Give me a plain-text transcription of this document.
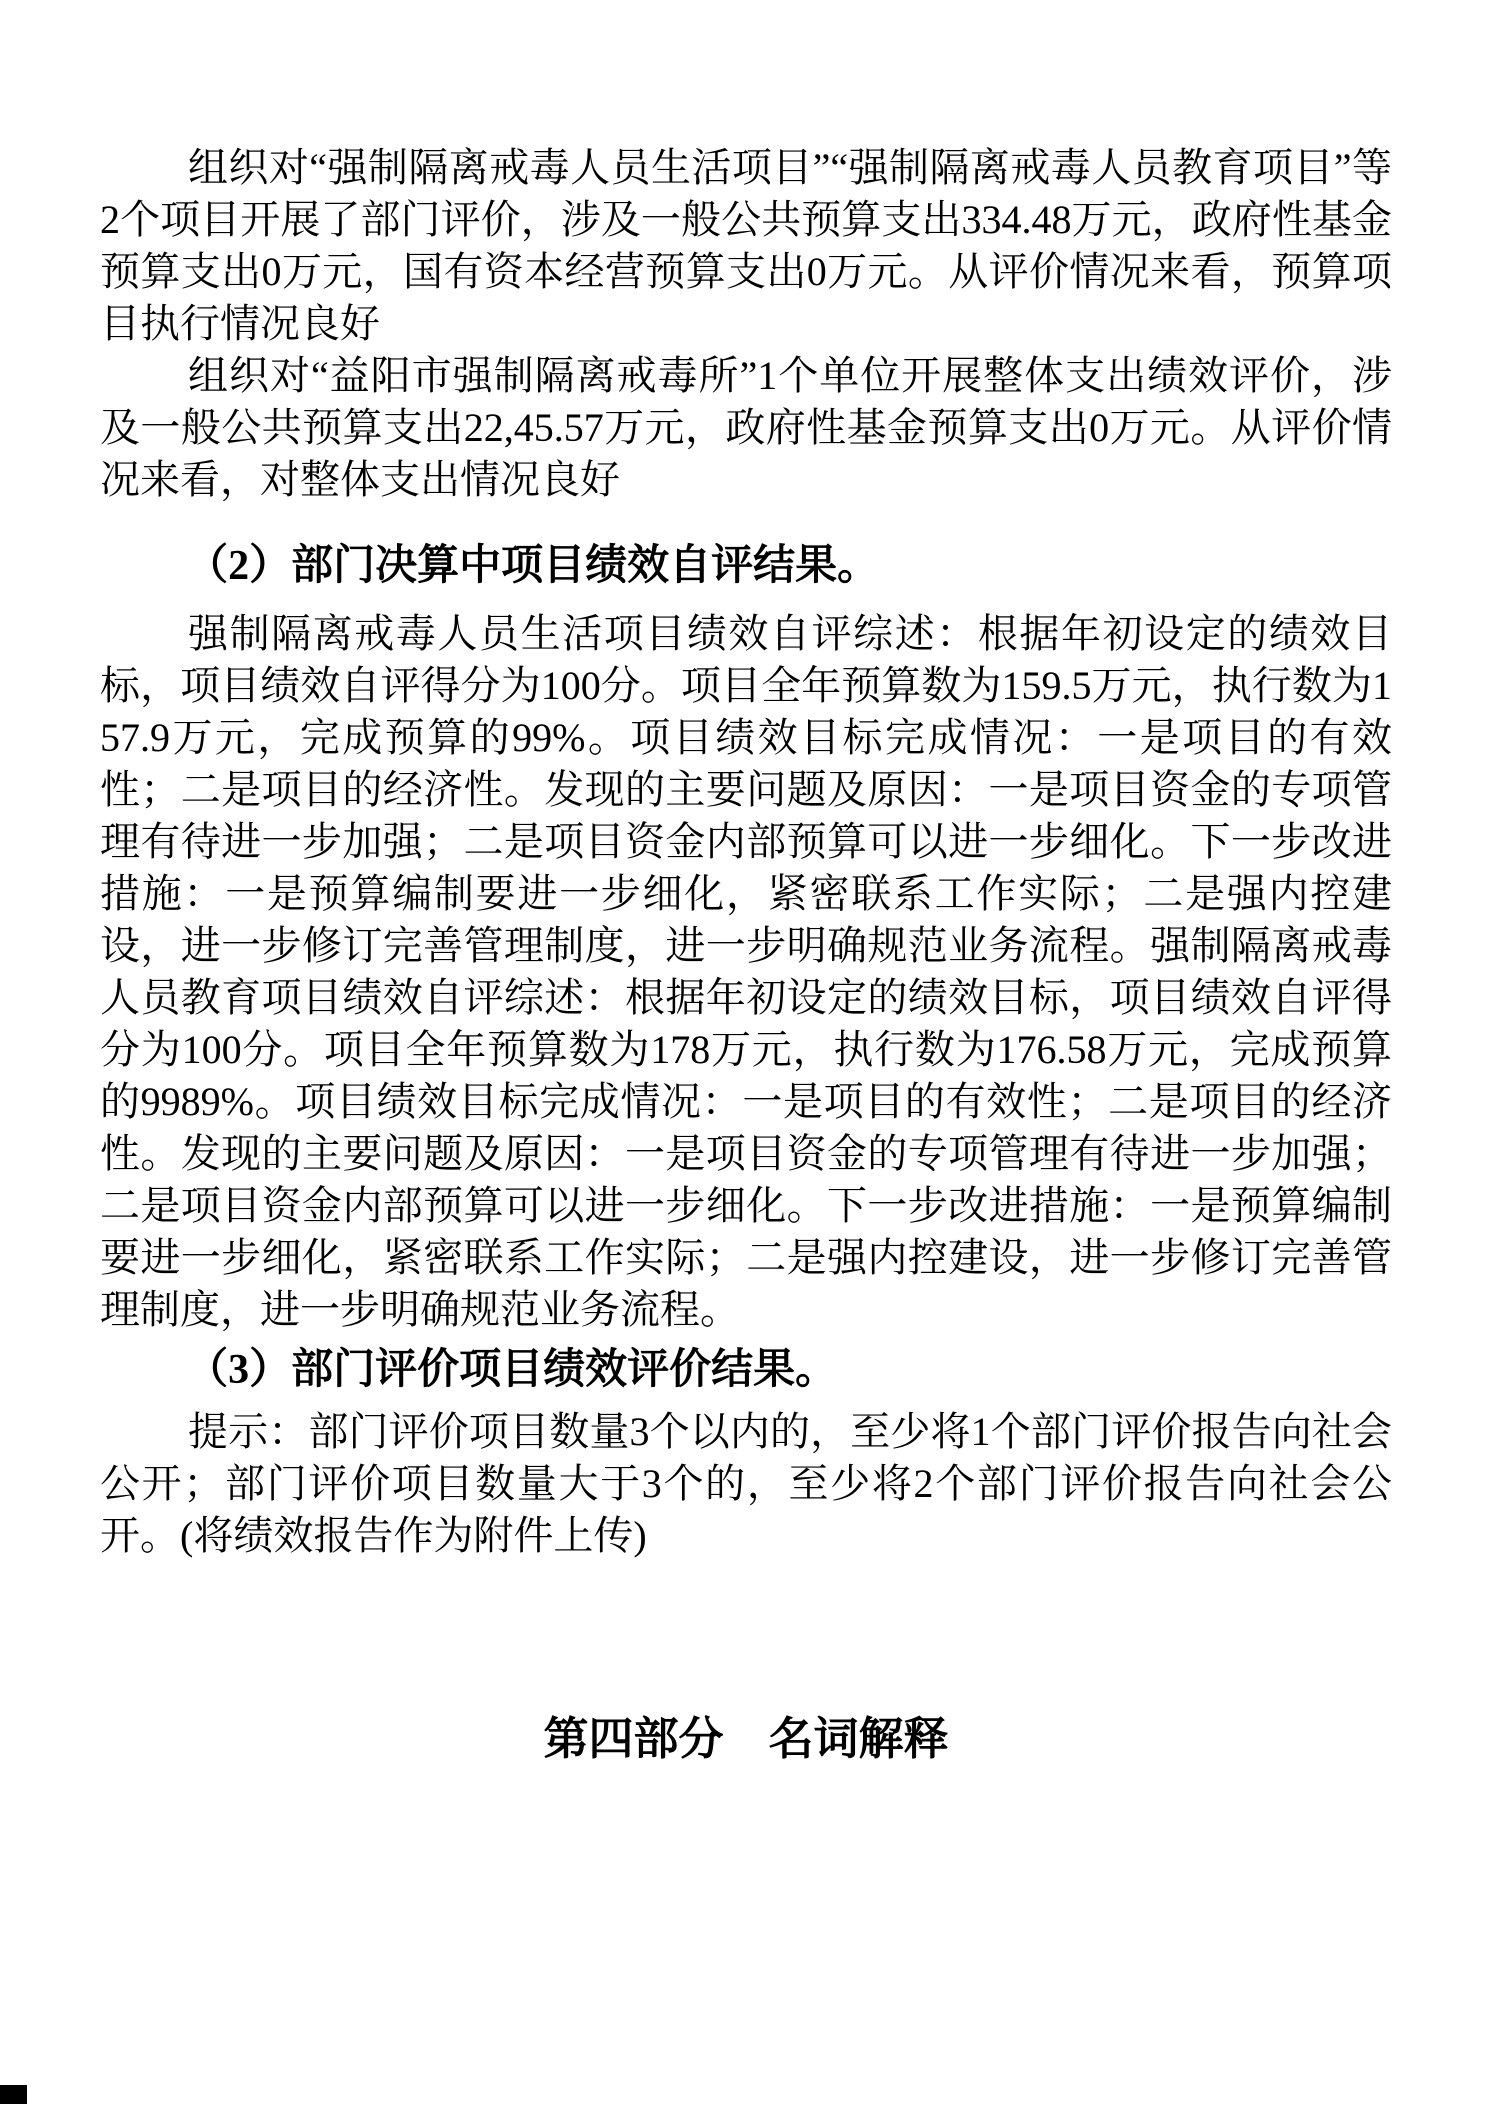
组织对“强制隔离戒毒人员生活项目”“强制隔离戒毒人员教育项目”等2个项目开展了部门评价，涉及一般公共预算支出334.48万元，政府性基金预算支出0万元，国有资本经营预算支出0万元。从评价情况来看，预算项目执行情况良好

组织对“益阳市强制隔离戒毒所”1个单位开展整体支出绩效评价，涉及一般公共预算支出22,45.57万元，政府性基金预算支出0万元。从评价情况来看，对整体支出情况良好

（2）部门决算中项目绩效自评结果。

强制隔离戒毒人员生活项目绩效自评综述：根据年初设定的绩效目标，项目绩效自评得分为100分。项目全年预算数为159.5万元，执行数为157.9万元，完成预算的99%。项目绩效目标完成情况：一是项目的有效性；二是项目的经济性。发现的主要问题及原因：一是项目资金的专项管理有待进一步加强；二是项目资金内部预算可以进一步细化。下一步改进措施：一是预算编制要进一步细化，紧密联系工作实际；二是强内控建设，进一步修订完善管理制度，进一步明确规范业务流程。强制隔离戒毒人员教育项目绩效自评综述：根据年初设定的绩效目标，项目绩效自评得分为100分。项目全年预算数为178万元，执行数为176.58万元，完成预算的9989%。项目绩效目标完成情况：一是项目的有效性；二是项目的经济性。发现的主要问题及原因：一是项目资金的专项管理有待进一步加强；二是项目资金内部预算可以进一步细化。下一步改进措施：一是预算编制要进一步细化，紧密联系工作实际；二是强内控建设，进一步修订完善管理制度，进一步明确规范业务流程。

（3）部门评价项目绩效评价结果。

提示：部门评价项目数量3个以内的，至少将1个部门评价报告向社会公开；部门评价项目数量大于3个的，至少将2个部门评价报告向社会公开。(将绩效报告作为附件上传)

第四部分　名词解释
